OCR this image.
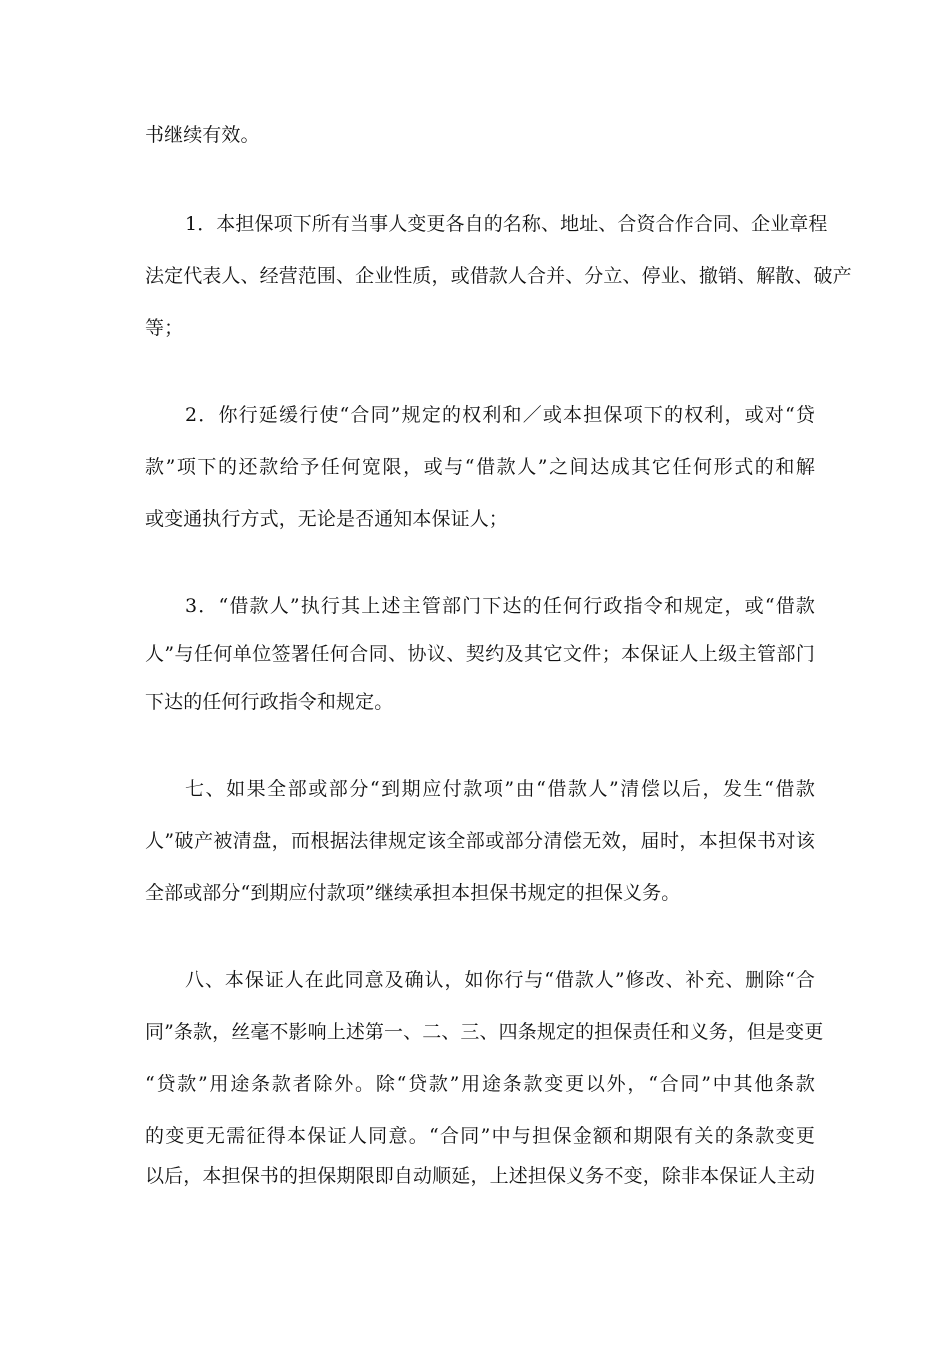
书继续有效。
1．本担保项下所有当事人变更各自的名称、地址、合资合作合同、企业章程
法定代表人、经营范围、企业性质，或借款人合并、分立、停业、撤销、解散、破产
等；
2．你行延缓行使“合同”规定的权利和／或本担保项下的权利，或对“贷
款”项下的还款给予任何宽限，或与“借款人”之间达成其它任何形式的和解
或变通执行方式，无论是否通知本保证人；
3．“借款人”执行其上述主管部门下达的任何行政指令和规定，或“借款
人”与任何单位签署任何合同、协议、契约及其它文件；本保证人上级主管部门
下达的任何行政指令和规定。
七、如果全部或部分“到期应付款项”由“借款人”清偿以后，发生“借款
人”破产被清盘，而根据法律规定该全部或部分清偿无效，届时，本担保书对该
全部或部分“到期应付款项”继续承担本担保书规定的担保义务。
八、本保证人在此同意及确认，如你行与“借款人”修改、补充、删除“合
同”条款，丝毫不影响上述第一、二、三、四条规定的担保责任和义务，但是变更
“贷款”用途条款者除外。除“贷款”用途条款变更以外，“合同”中其他条款
的变更无需征得本保证人同意。“合同”中与担保金额和期限有关的条款变更
以后，本担保书的担保期限即自动顺延，上述担保义务不变，除非本保证人主动
